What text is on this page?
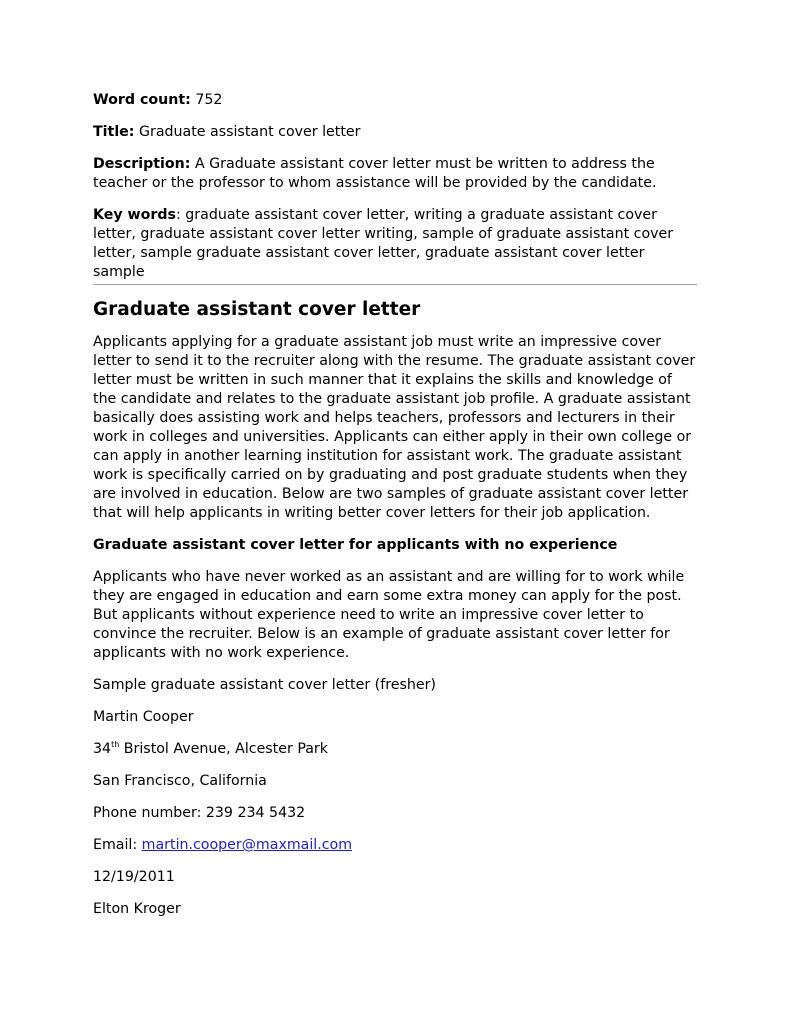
Word count: 752

Title: Graduate assistant cover letter

Description: A Graduate assistant cover letter must be written to address the teacher or the professor to whom assistance will be provided by the candidate.

Key words: graduate assistant cover letter, writing a graduate assistant cover letter, graduate assistant cover letter writing, sample of graduate assistant cover letter, sample graduate assistant cover letter, graduate assistant cover letter sample

Graduate assistant cover letter

Applicants applying for a graduate assistant job must write an impressive cover letter to send it to the recruiter along with the resume. The graduate assistant cover letter must be written in such manner that it explains the skills and knowledge of the candidate and relates to the graduate assistant job profile. A graduate assistant basically does assisting work and helps teachers, professors and lecturers in their work in colleges and universities. Applicants can either apply in their own college or can apply in another learning institution for assistant work. The graduate assistant work is specifically carried on by graduating and post graduate students when they are involved in education. Below are two samples of graduate assistant cover letter that will help applicants in writing better cover letters for their job application.

Graduate assistant cover letter for applicants with no experience

Applicants who have never worked as an assistant and are willing for to work while they are engaged in education and earn some extra money can apply for the post. But applicants without experience need to write an impressive cover letter to convince the recruiter. Below is an example of graduate assistant cover letter for applicants with no work experience.

Sample graduate assistant cover letter (fresher)

Martin Cooper

34th Bristol Avenue, Alcester Park

San Francisco, California

Phone number: 239 234 5432

Email: martin.cooper@maxmail.com

12/19/2011

Elton Kroger
